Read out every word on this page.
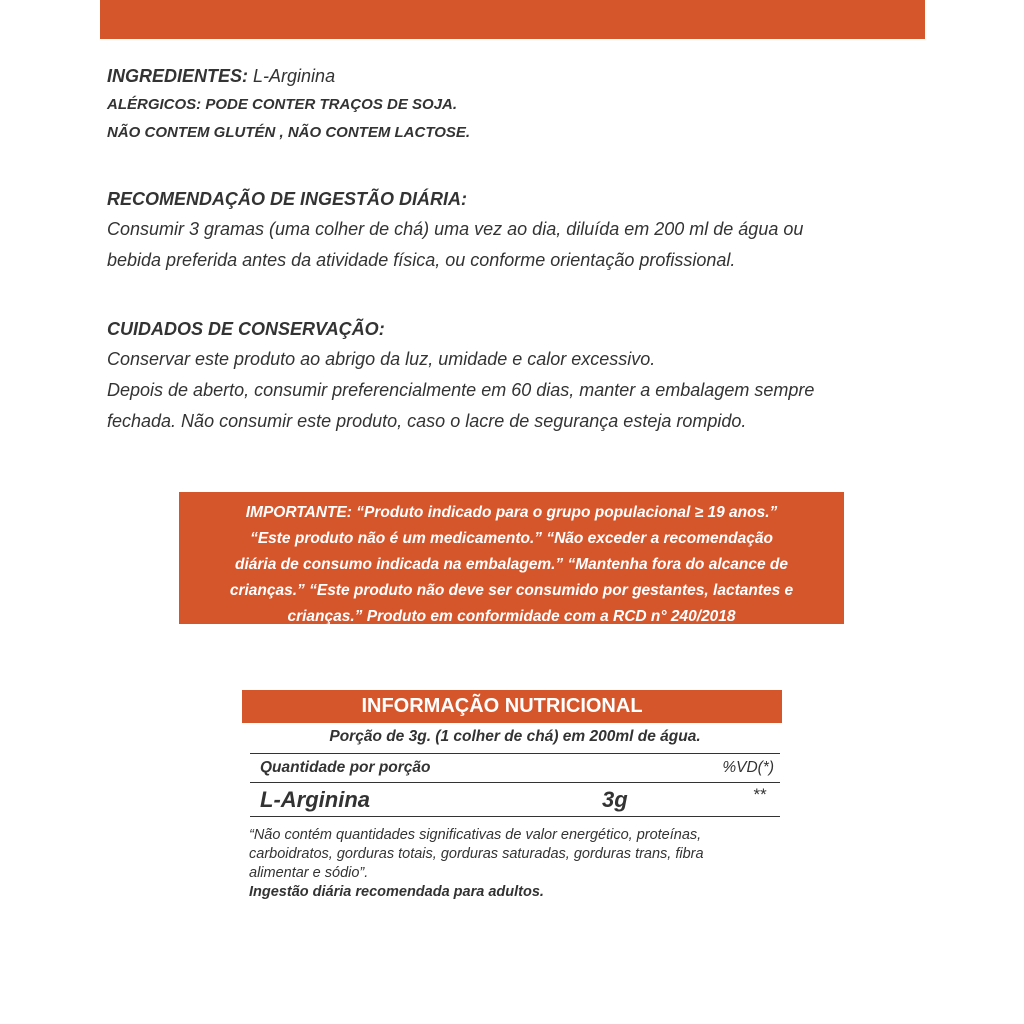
INGREDIENTES: L-Arginina
ALÉRGICOS: PODE CONTER TRAÇOS DE SOJA.
NÃO CONTEM GLUTÉN , NÃO CONTEM LACTOSE.
RECOMENDAÇÃO DE INGESTÃO DIÁRIA:
Consumir 3 gramas (uma colher de chá) uma vez ao dia, diluída em 200 ml de água ou
bebida preferida antes da atividade física, ou conforme orientação profissional.
CUIDADOS DE CONSERVAÇÃO:
Conservar este produto ao abrigo da luz, umidade e calor excessivo.
Depois de aberto, consumir preferencialmente em 60 dias, manter a embalagem sempre
fechada. Não consumir este produto, caso o lacre de segurança esteja rompido.
IMPORTANTE: “Produto indicado para o grupo populacional ≥ 19 anos.”
“Este produto não é um medicamento.” “Não exceder a recomendação
diária de consumo indicada na embalagem.” “Mantenha fora do alcance de
crianças.” “Este produto não deve ser consumido por gestantes, lactantes e
crianças.” Produto em conformidade com a RCD n° 240/2018
INFORMAÇÃO NUTRICIONAL
Porção de 3g. (1 colher de chá) em 200ml de água.
Quantidade por porção	%VD(*)
L-Arginina	3g	**
“Não contém quantidades significativas de valor energético, proteínas,
carboidratos, gorduras totais, gorduras saturadas, gorduras trans, fibra
alimentar e sódio”.
Ingestão diária recomendada para adultos.
